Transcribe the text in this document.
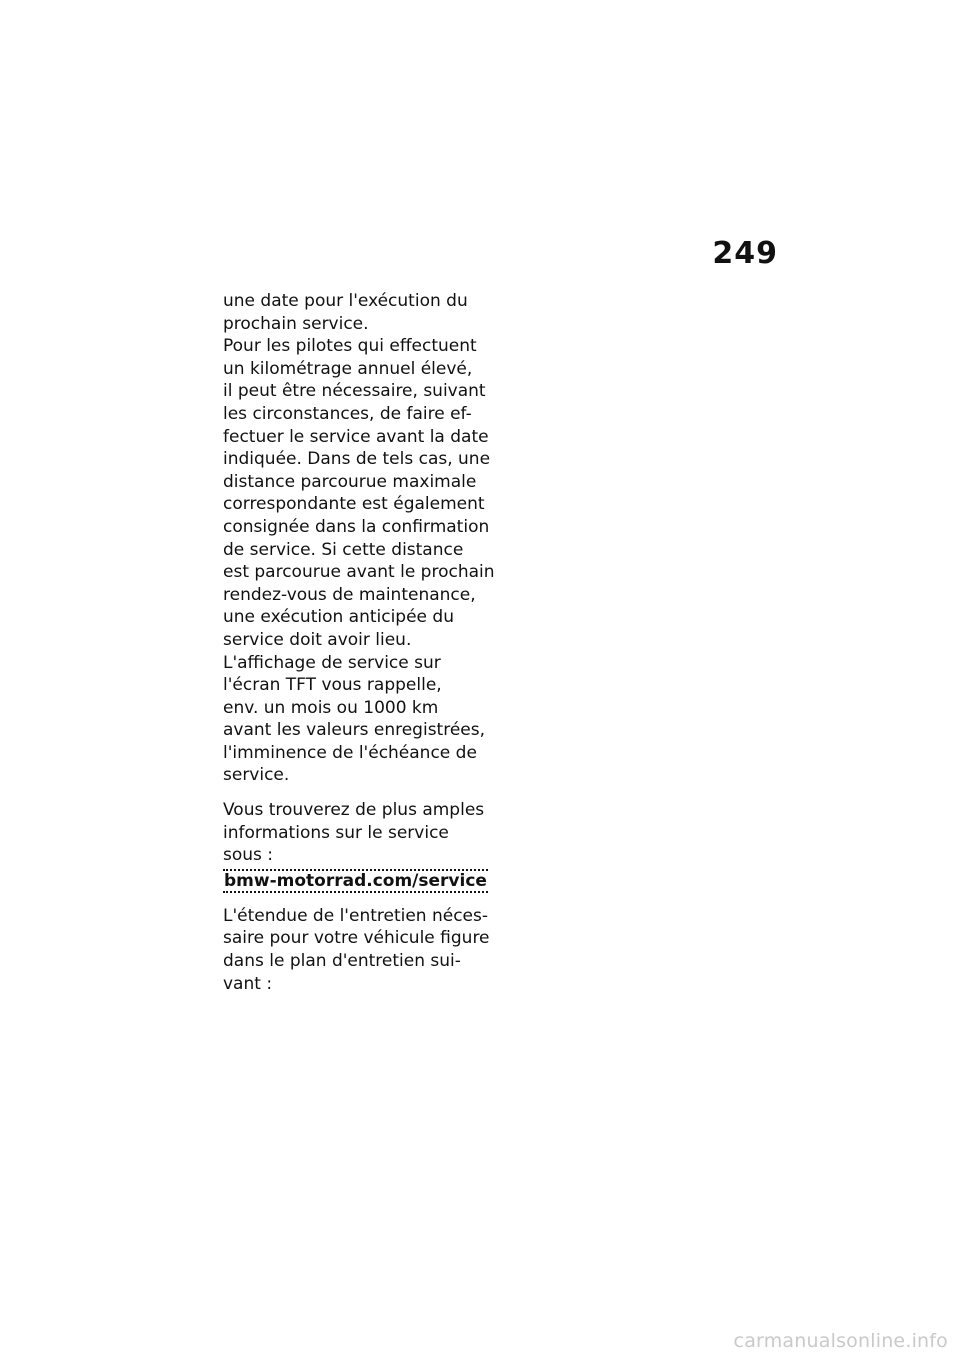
249
une date pour l'exécution du
prochain service.
Pour les pilotes qui effectuent
un kilométrage annuel élevé,
il peut être nécessaire, suivant
les circonstances, de faire ef-
fectuer le service avant la date
indiquée. Dans de tels cas, une
distance parcourue maximale
correspondante est également
consignée dans la confirmation
de service. Si cette distance
est parcourue avant le prochain
rendez-vous de maintenance,
une exécution anticipée du
service doit avoir lieu.
L'affichage de service sur
l'écran TFT vous rappelle,
env. un mois ou 1000 km
avant les valeurs enregistrées,
l'imminence de l'échéance de
service.
Vous trouverez de plus amples
informations sur le service
sous :
bmw-motorrad.com/service
L'étendue de l'entretien néces-
saire pour votre véhicule figure
dans le plan d'entretien sui-
vant :
carmanualsonline.info
